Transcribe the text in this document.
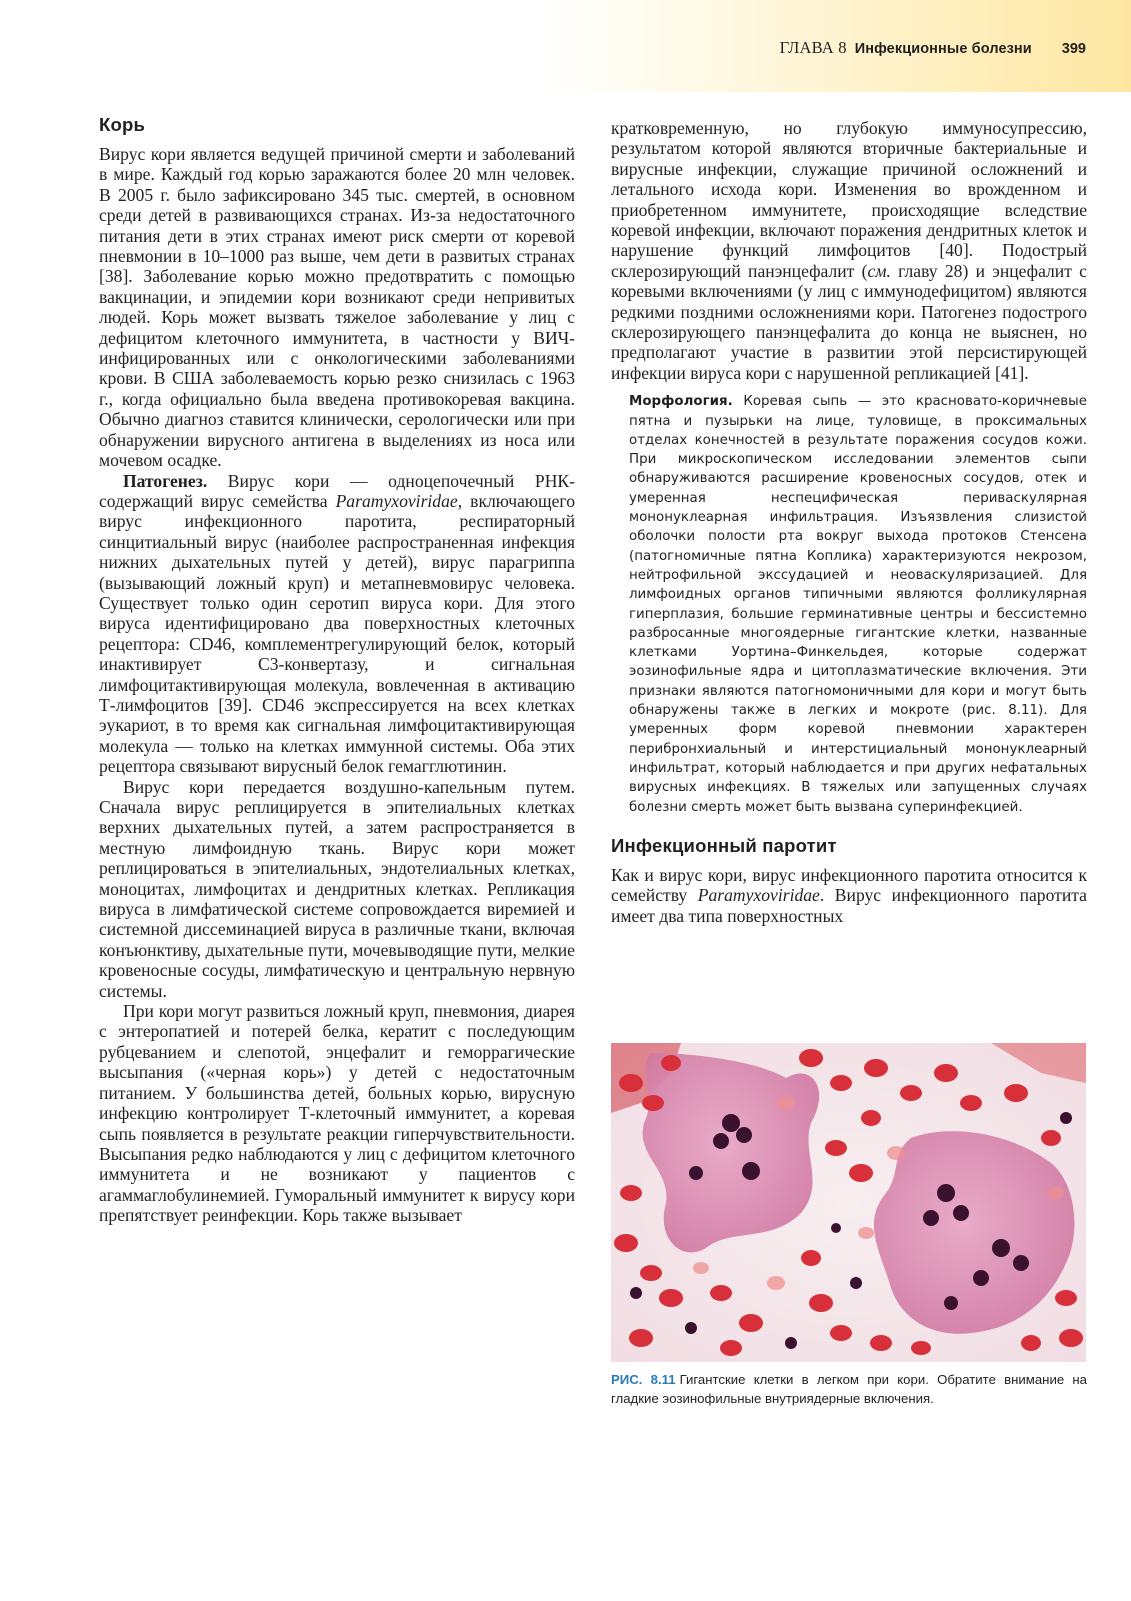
ГЛАВА 8 Инфекционные болезни 399
Корь

Вирус кори является ведущей причиной смерти и заболеваний в мире. Каждый год корью заражаются более 20 млн человек. В 2005 г. было зафиксировано 345 тыс. смертей, в основном среди детей в развивающихся странах. Из-за недостаточного питания дети в этих странах имеют риск смерти от коревой пневмонии в 10–1000 раз выше, чем дети в развитых странах [38]. Заболевание корью можно предотвратить с помощью вакцинации, и эпидемии кори возникают среди непривитых людей. Корь может вызвать тяжелое заболевание у лиц с дефицитом клеточного иммунитета, в частности у ВИЧ-инфицированных или с онкологическими заболеваниями крови. В США заболеваемость корью резко снизилась с 1963 г., когда официально была введена противокоревая вакцина. Обычно диагноз ставится клинически, серологически или при обнаружении вирусного антигена в выделениях из носа или мочевом осадке.

Патогенез. Вирус кори — одноцепочечный РНК-содержащий вирус семейства Paramyxoviridae, включающего вирус инфекционного паротита, респираторный синцитиальный вирус (наиболее распространенная инфекция нижних дыхательных путей у детей), вирус парагриппа (вызывающий ложный круп) и метапневмовирус человека. Существует только один серотип вируса кори. Для этого вируса идентифицировано два поверхностных клеточных рецептора: CD46, комплементрегулирующий белок, который инактивирует C3-конвертазу, и сигнальная лимфоцитактивирующая молекула, вовлеченная в активацию Т-лимфоцитов [39]. CD46 экспрессируется на всех клетках эукариот, в то время как сигнальная лимфоцитактивирующая молекула — только на клетках иммунной системы. Оба этих рецептора связывают вирусный белок гемагглютинин.

Вирус кори передается воздушно-капельным путем. Сначала вирус реплицируется в эпителиальных клетках верхних дыхательных путей, а затем распространяется в местную лимфоидную ткань. Вирус кори может реплицироваться в эпителиальных, эндотелиальных клетках, моноцитах, лимфоцитах и дендритных клетках. Репликация вируса в лимфатической системе сопровождается виремией и системной диссеминацией вируса в различные ткани, включая конъюнктиву, дыхательные пути, мочевыводящие пути, мелкие кровеносные сосуды, лимфатическую и центральную нервную системы.

При кори могут развиться ложный круп, пневмония, диарея с энтеропатией и потерей белка, кератит с последующим рубцеванием и слепотой, энцефалит и геморрагические высыпания («черная корь») у детей с недостаточным питанием. У большинства детей, больных корью, вирусную инфекцию контролирует Т-клеточный иммунитет, а коревая сыпь появляется в результате реакции гиперчувствительности. Высыпания редко наблюдаются у лиц с дефицитом клеточного иммунитета и не возникают у пациентов с агаммаглобулинемией. Гуморальный иммунитет к вирусу кори препятствует реинфекции. Корь также вызывает

кратковременную, но глубокую иммуносупрессию, результатом которой являются вторичные бактериальные и вирусные инфекции, служащие причиной осложнений и летального исхода кори. Изменения во врожденном и приобретенном иммунитете, происходящие вследствие коревой инфекции, включают поражения дендритных клеток и нарушение функций лимфоцитов [40]. Подострый склерозирующий панэнцефалит (см. главу 28) и энцефалит с коревыми включениями (у лиц с иммунодефицитом) являются редкими поздними осложнениями кори. Патогенез подострого склерозирующего панэнцефалита до конца не выяснен, но предполагают участие в развитии этой персистирующей инфекции вируса кори с нарушенной репликацией [41].

Морфология. Коревая сыпь — это красновато-коричневые пятна и пузырьки на лице, туловище, в проксимальных отделах конечностей в результате поражения сосудов кожи. При микроскопическом исследовании элементов сыпи обнаруживаются расширение кровеносных сосудов, отек и умеренная неспецифическая периваскулярная мононуклеарная инфильтрация. Изъязвления слизистой оболочки полости рта вокруг выхода протоков Стенсена (патогномичные пятна Коплика) характеризуются некрозом, нейтрофильной экссудацией и неоваскуляризацией. Для лимфоидных органов типичными являются фолликулярная гиперплазия, большие герминативные центры и бессистемно разбросанные многоядерные гигантские клетки, названные клетками Уортина–Финкельдея, которые содержат эозинофильные ядра и цитоплазматические включения. Эти признаки являются патогномоничными для кори и могут быть обнаружены также в легких и мокроте (рис. 8.11). Для умеренных форм коревой пневмонии характерен перибронхиальный и интерстициальный мононуклеарный инфильтрат, который наблюдается и при других нефатальных вирусных инфекциях. В тяжелых или запущенных случаях болезни смерть может быть вызвана суперинфекцией.
Инфекционный паротит

Как и вирус кори, вирус инфекционного паротита относится к семейству Paramyxoviridae. Вирус инфекционного паротита имеет два типа поверхностных

РИС. 8.11 Гигантские клетки в легком при кори. Обратите внимание на гладкие эозинофильные внутриядерные включения.
